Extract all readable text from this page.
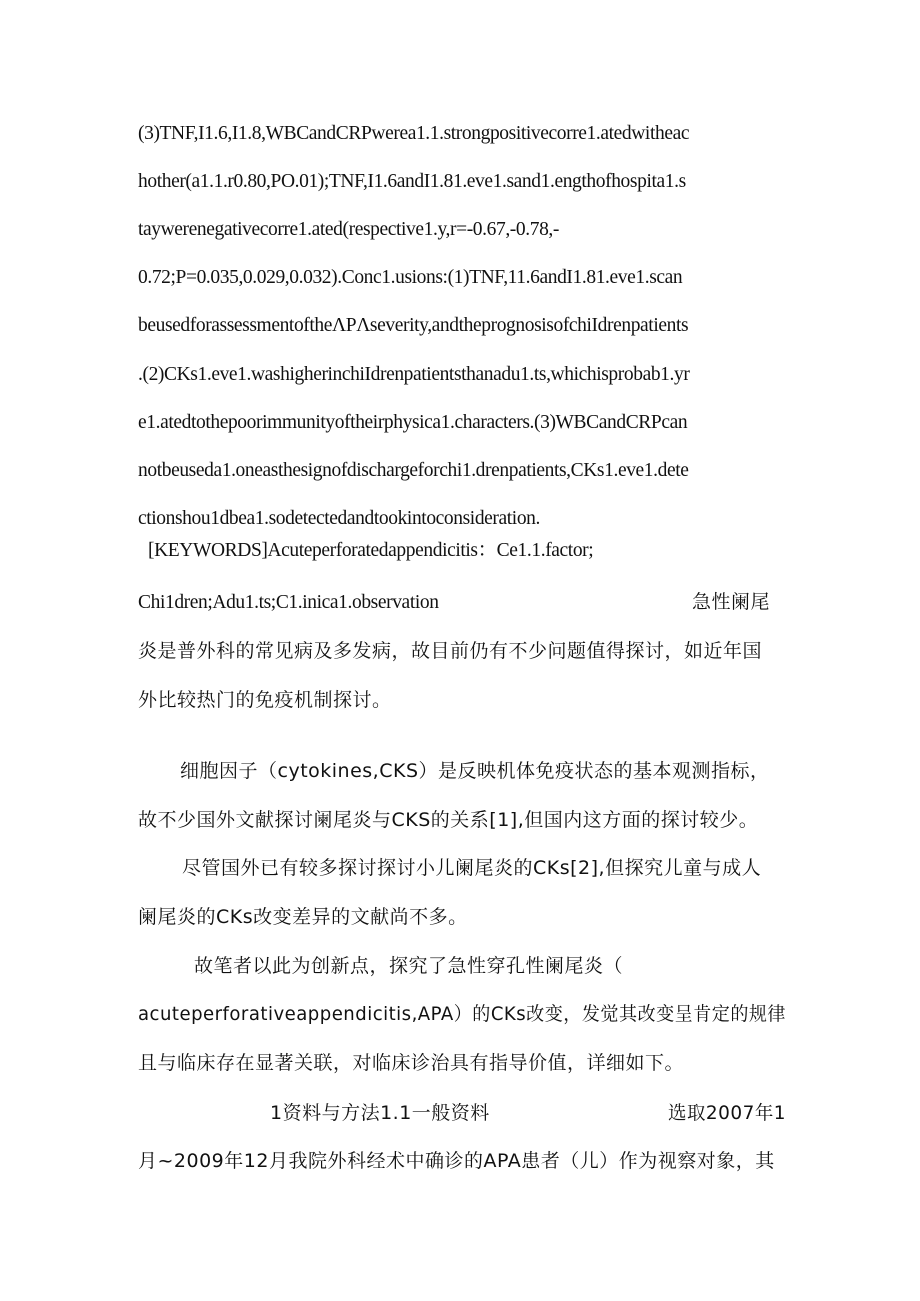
(3)TNF,I1.6,I1.8,WBCandCRPwerea1.1.strongpositivecorre1.atedwitheac
hother(a1.1.r0.80,PO.01);TNF,I1.6andI1.81.eve1.sand1.engthofhospita1.s
taywerenegativecorre1.ated(respective1.y,r=-0.67,-0.78,-
0.72;P=0.035,0.029,0.032).Conc1.usions:(1)TNF,11.6andI1.81.eve1.scan
beusedforassessmentoftheΛPΛseverity,andtheprognosisofchiIdrenpatients
.(2)CKs1.eve1.washigherinchiIdrenpatientsthanadu1.ts,whichisprobab1.yr
e1.atedtothepoorimmunityoftheirphysica1.characters.(3)WBCandCRPcan
notbeuseda1.oneasthesignofdischargeforchi1.drenpatients,CKs1.eve1.dete
ctionshou1dbea1.sodetectedandtookintoconsideration.
[KEYWORDS]Acuteperforatedappendicitis：Ce1.1.factor;
Chi1dren;Adu1.ts;C1.inica1.observation	急性阑尾
炎是普外科的常见病及多发病，故目前仍有不少问题值得探讨，如近年国
外比较热门的免疫机制探讨。
细胞因子（cytokines,CKS）是反映机体免疫状态的基本观测指标，
故不少国外文献探讨阑尾炎与CKS的关系[1],但国内这方面的探讨较少。
尽管国外已有较多探讨探讨小儿阑尾炎的CKs[2],但探究儿童与成人
阑尾炎的CKs改变差异的文献尚不多。
故笔者以此为创新点，探究了急性穿孔性阑尾炎（
acuteperforativeappendicitis,APA）的CKs改变，发觉其改变呈肯定的规律
且与临床存在显著关联，对临床诊治具有指导价值，详细如下。
1资料与方法1.1一般资料	选取2007年1
月~2009年12月我院外科经术中确诊的APA患者（儿）作为视察对象，其
